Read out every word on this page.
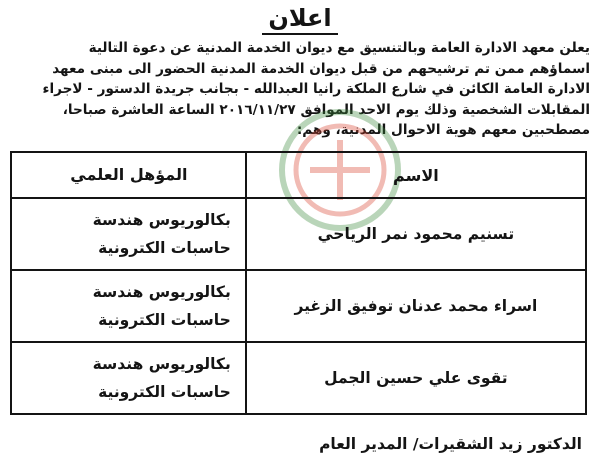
اعلان
يعلن معهد الادارة العامة وبالتنسيق مع ديوان الخدمة المدنية عن دعوة التالية
اسماؤهم ممن تم ترشيحهم من قبل ديوان الخدمة المدنية الحضور الى مبنى معهد
الادارة العامة الكائن في شارع الملكة رانيا العبدالله - بجانب جريدة الدستور - لاجراء
المقابلات الشخصية وذلك يوم الاحد الموافق ٢٠١٦/١١/٢٧ الساعة العاشرة صباحا،
مصطحبين معهم هوية الاحوال المدنية، وهم:
الاسم	المؤهل العلمي
تسنيم محمود نمر الرياحي	بكالوريوس هندسة
حاسبات الكترونية
اسراء محمد عدنان توفيق الزغير	بكالوريوس هندسة
حاسبات الكترونية
تقوى علي حسين الجمل	بكالوريوس هندسة
حاسبات الكترونية
الدكتور زيد الشقيرات/ المدير العام
